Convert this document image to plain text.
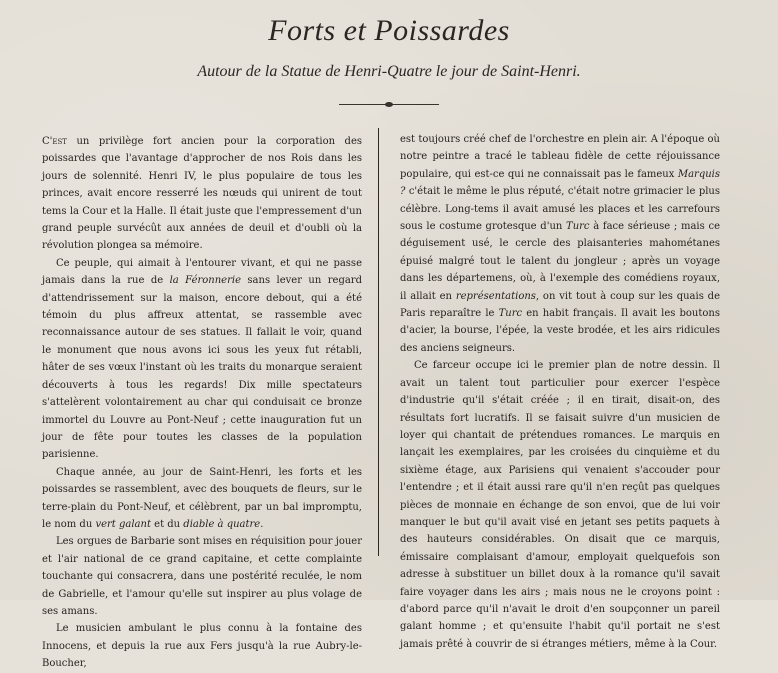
Forts et Poissardes
Autour de la Statue de Henri-Quatre le jour de Saint-Henri.

C'est un privilège fort ancien pour la corporation des poissardes que l'avantage d'approcher de nos Rois dans les jours de solennité. Henri IV, le plus populaire de tous les princes, avait encore resserré les nœuds qui unirent de tout tems la Cour et la Halle. Il était juste que l'empressement d'un grand peuple survécût aux années de deuil et d'oubli où la révolution plongea sa mémoire.

Ce peuple, qui aimait à l'entourer vivant, et qui ne passe jamais dans la rue de la Féronnerie sans lever un regard d'attendrissement sur la maison, encore debout, qui a été témoin du plus affreux attentat, se rassemble avec reconnaissance autour de ses statues. Il fallait le voir, quand le monument que nous avons ici sous les yeux fut rétabli, hâter de ses vœux l'instant où les traits du monarque seraient découverts à tous les regards! Dix mille spectateurs s'attelèrent volontairement au char qui conduisait ce bronze immortel du Louvre au Pont-Neuf ; cette inauguration fut un jour de fête pour toutes les classes de la population parisienne.

Chaque année, au jour de Saint-Henri, les forts et les poissardes se rassemblent, avec des bouquets de fleurs, sur le terre-plain du Pont-Neuf, et célèbrent, par un bal impromptu, le nom du vert galant et du diable à quatre.

Les orgues de Barbarie sont mises en réquisition pour jouer et l'air national de ce grand capitaine, et cette complainte touchante qui consacrera, dans une postérité reculée, le nom de Gabrielle, et l'amour qu'elle sut inspirer au plus volage de ses amans.

Le musicien ambulant le plus connu à la fontaine des Innocens, et depuis la rue aux Fers jusqu'à la rue Aubry-le-Boucher,

est toujours créé chef de l'orchestre en plein air. A l'époque où notre peintre a tracé le tableau fidèle de cette réjouissance populaire, qui est-ce qui ne connaissait pas le fameux Marquis ? c'était le même le plus réputé, c'était notre grimacier le plus célèbre. Long-tems il avait amusé les places et les carrefours sous le costume grotesque d'un Turc à face sérieuse ; mais ce déguisement usé, le cercle des plaisanteries mahométanes épuisé malgré tout le talent du jongleur ; après un voyage dans les départemens, où, à l'exemple des comédiens royaux, il allait en représentations, on vit tout à coup sur les quais de Paris reparaître le Turc en habit français. Il avait les boutons d'acier, la bourse, l'épée, la veste brodée, et les airs ridicules des anciens seigneurs.

Ce farceur occupe ici le premier plan de notre dessin. Il avait un talent tout particulier pour exercer l'espèce d'industrie qu'il s'était créée ; il en tirait, disait-on, des résultats fort lucratifs. Il se faisait suivre d'un musicien de loyer qui chantait de prétendues romances. Le marquis en lançait les exemplaires, par les croisées du cinquième et du sixième étage, aux Parisiens qui venaient s'accouder pour l'entendre ; et il était aussi rare qu'il n'en reçût pas quelques pièces de monnaie en échange de son envoi, que de lui voir manquer le but qu'il avait visé en jetant ses petits paquets à des hauteurs considérables. On disait que ce marquis, émissaire complaisant d'amour, employait quelquefois son adresse à substituer un billet doux à la romance qu'il savait faire voyager dans les airs ; mais nous ne le croyons point : d'abord parce qu'il n'avait le droit d'en soupçonner un pareil galant homme ; et qu'ensuite l'habit qu'il portait ne s'est jamais prêté à couvrir de si étranges métiers, même à la Cour.
